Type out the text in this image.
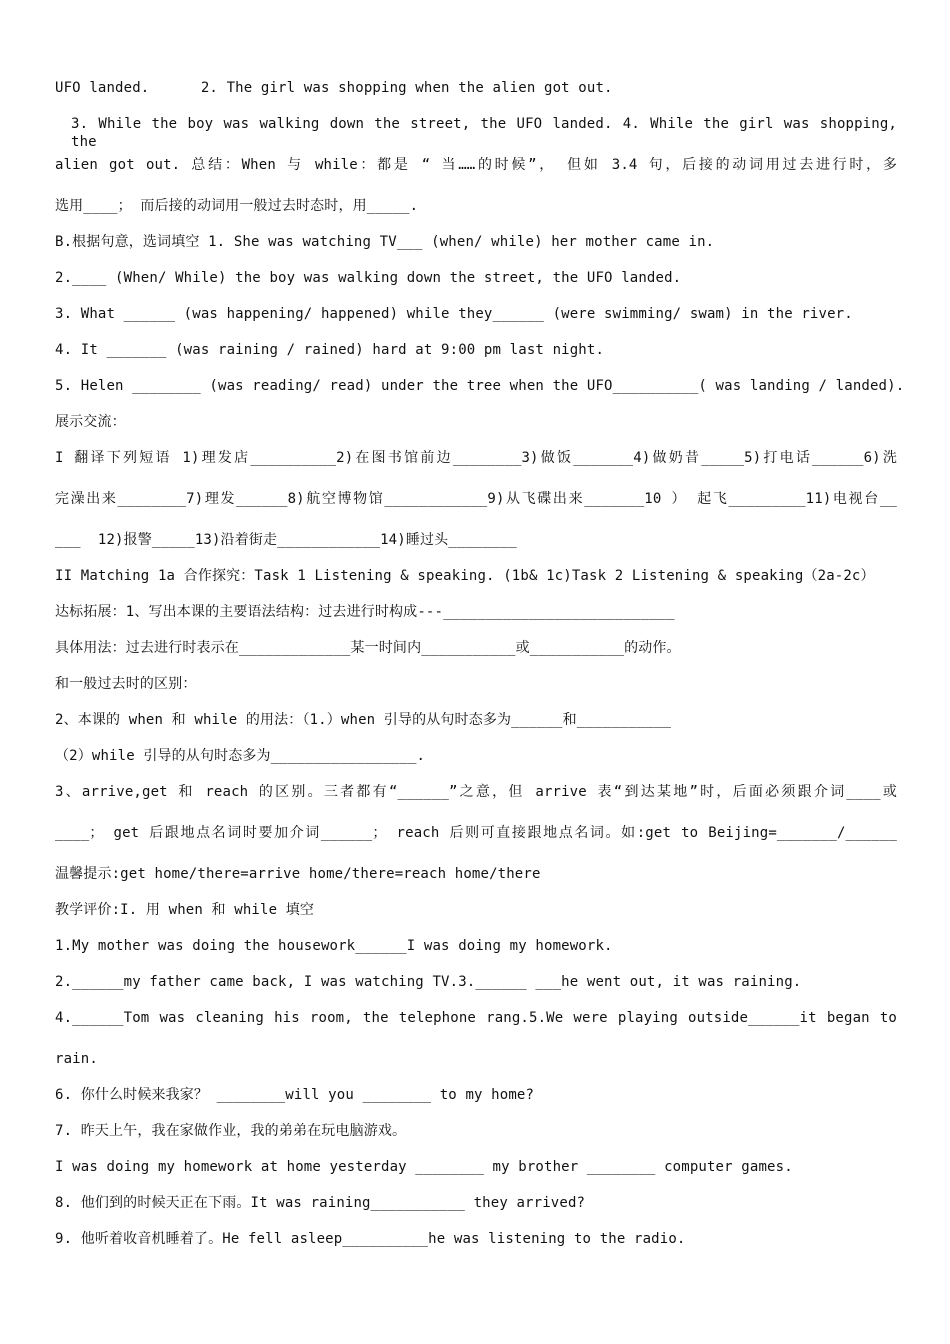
UFO landed.      2. The girl was shopping when the alien got out.
3. While the boy was walking down the street, the UFO landed. 4. While the girl was shopping, the
alien got out. 总结：When 与 while：都是 “ 当……的时候”， 但如 3.4 句，后接的动词用过去进行时，多
选用____； 而后接的动词用一般过去时态时，用_____.
B.根据句意，选词填空 1. She was watching TV___ (when/ while) her mother came in.
2.____ (When/ While) the boy was walking down the street, the UFO landed.
3. What ______ (was happening/ happened) while they______ (were swimming/ swam) in the river.
4. It _______ (was raining / rained) hard at 9:00 pm last night.
5. Helen ________ (was reading/ read) under the tree when the UFO__________( was landing / landed).
展示交流：
I 翻译下列短语 1)理发店__________2)在图书馆前边________3)做饭_______4)做奶昔_____5)打电话______6)洗
完澡出来________7)理发______8)航空博物馆____________9)从飞碟出来_______10 ） 起飞_________11)电视台__
___  12)报警_____13)沿着街走____________14)睡过头________
II Matching 1a 合作探究：Task 1 Listening & speaking. (1b& 1c)Task 2 Listening & speaking（2a-2c）
达标拓展：1、写出本课的主要语法结构：过去进行时构成---___________________________
具体用法：过去进行时表示在_____________某一时间内___________或___________的动作。
和一般过去时的区别：
2、本课的 when 和 while 的用法：（1.）when 引导的从句时态多为______和___________
（2）while 引导的从句时态多为_________________.
3、arrive,get 和 reach 的区别。三者都有“______”之意，但 arrive 表“到达某地”时，后面必须跟介词____或
____； get 后跟地点名词时要加介词______； reach 后则可直接跟地点名词。如:get to Beijing=_______/______
温馨提示:get home/there=arrive home/there=reach home/there
教学评价:I. 用 when 和 while 填空
1.My mother was doing the housework______I was doing my homework.
2.______my father came back, I was watching TV.3.______ ___he went out, it was raining.
4.______Tom was cleaning his room, the telephone rang.5.We were playing outside______it began to
rain.
6. 你什么时候来我家？ ________will you ________ to my home?
7. 昨天上午，我在家做作业，我的弟弟在玩电脑游戏。
I was doing my homework at home yesterday ________ my brother ________ computer games.
8. 他们到的时候天正在下雨。It was raining___________ they arrived?
9. 他听着收音机睡着了。He fell asleep__________he was listening to the radio.
